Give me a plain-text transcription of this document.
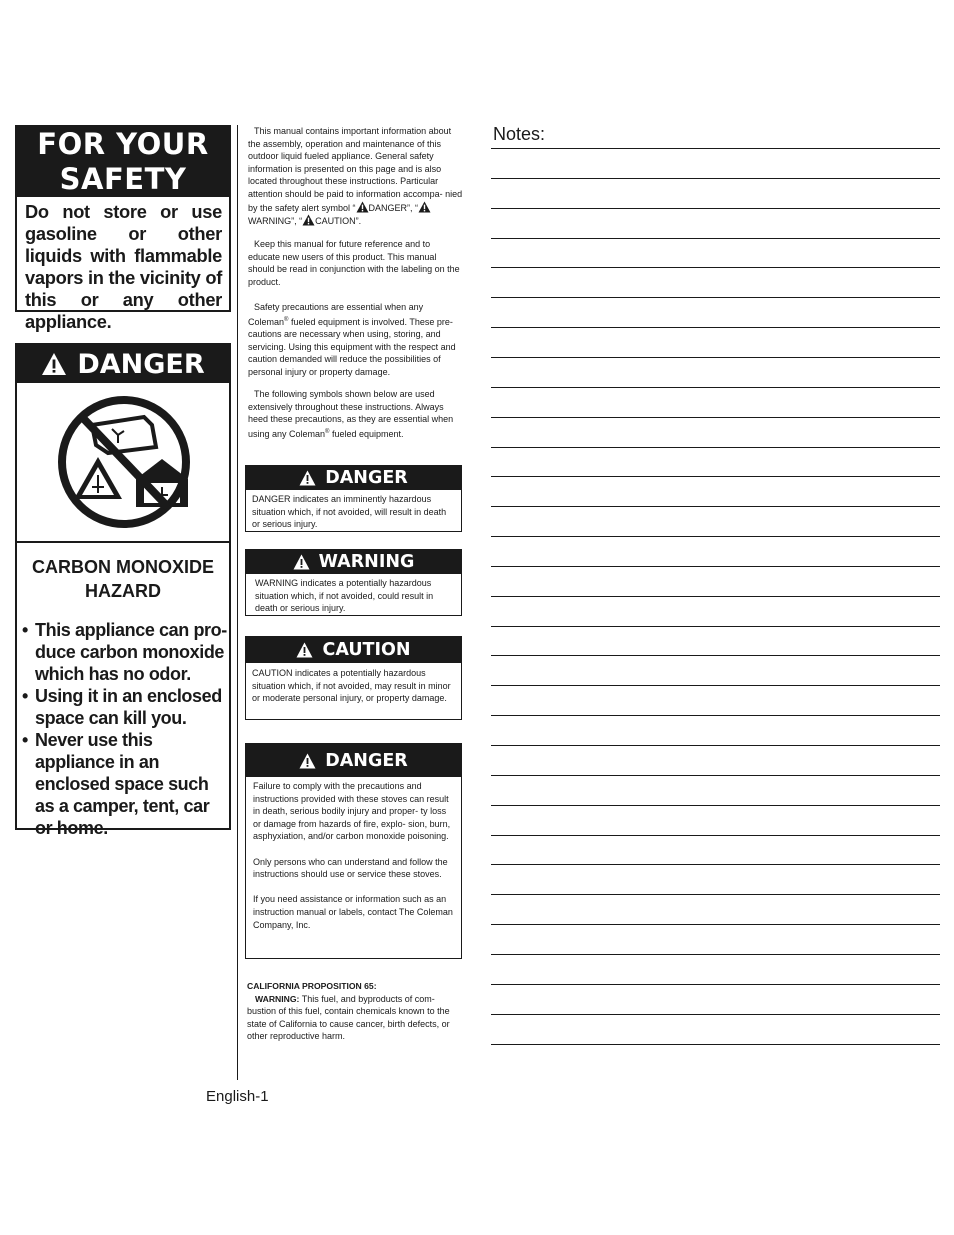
FOR YOUR
SAFETY
Do not store or use gasoline or other liquids with flammable vapors in the vicinity of this or any other appliance.
DANGER
CARBON MONOXIDE
HAZARD
• This appliance can pro- duce carbon monoxide which has no odor.
• Using it in an enclosed space can kill you.
• Never use this appliance in an enclosed space such as a camper, tent, car or home.
English-1

This manual contains important information about the assembly, operation and maintenance of this outdoor liquid fueled appliance. General safety information is presented on this page and is also located throughout these instructions. Particular attention should be paid to information accompa- nied by the safety alert symbol “ DANGER”, “WARNING”, “ CAUTION”.

Keep this manual for future reference and to educate new users of this product. This manual should be read in conjunction with the labeling on the product.

Safety precautions are essential when any Coleman® fueled equipment is involved. These pre- cautions are necessary when using, storing, and servicing. Using this equipment with the respect and caution demanded will reduce the possibilities of personal injury or property damage.

The following symbols shown below are used extensively throughout these instructions. Always heed these precautions, as they are essential when using any Coleman® fueled equipment.

DANGER

DANGER indicates an imminently hazardous situation which, if not avoided, will result in death or serious injury.

WARNING

WARNING indicates a potentially hazardous situation which, if not avoided, could result in death or serious injury.

CAUTION

CAUTION indicates a potentially hazardous situation which, if not avoided, may result in minor or moderate personal injury, or property damage.

DANGER

Failure to comply with the precautions and instructions provided with these stoves can result in death, serious bodily injury and proper- ty loss or damage from hazards of fire, explo- sion, burn, asphyxiation, and/or carbon monoxide poisoning.

Only persons who can understand and follow the instructions should use or service these stoves.

If you need assistance or information such as an instruction manual or labels, contact The Coleman Company, Inc.

CALIFORNIA PROPOSITION 65:
WARNING: This fuel, and byproducts of com- bustion of this fuel, contain chemicals known to the state of California to cause cancer, birth defects, or other reproductive harm.
Notes:
